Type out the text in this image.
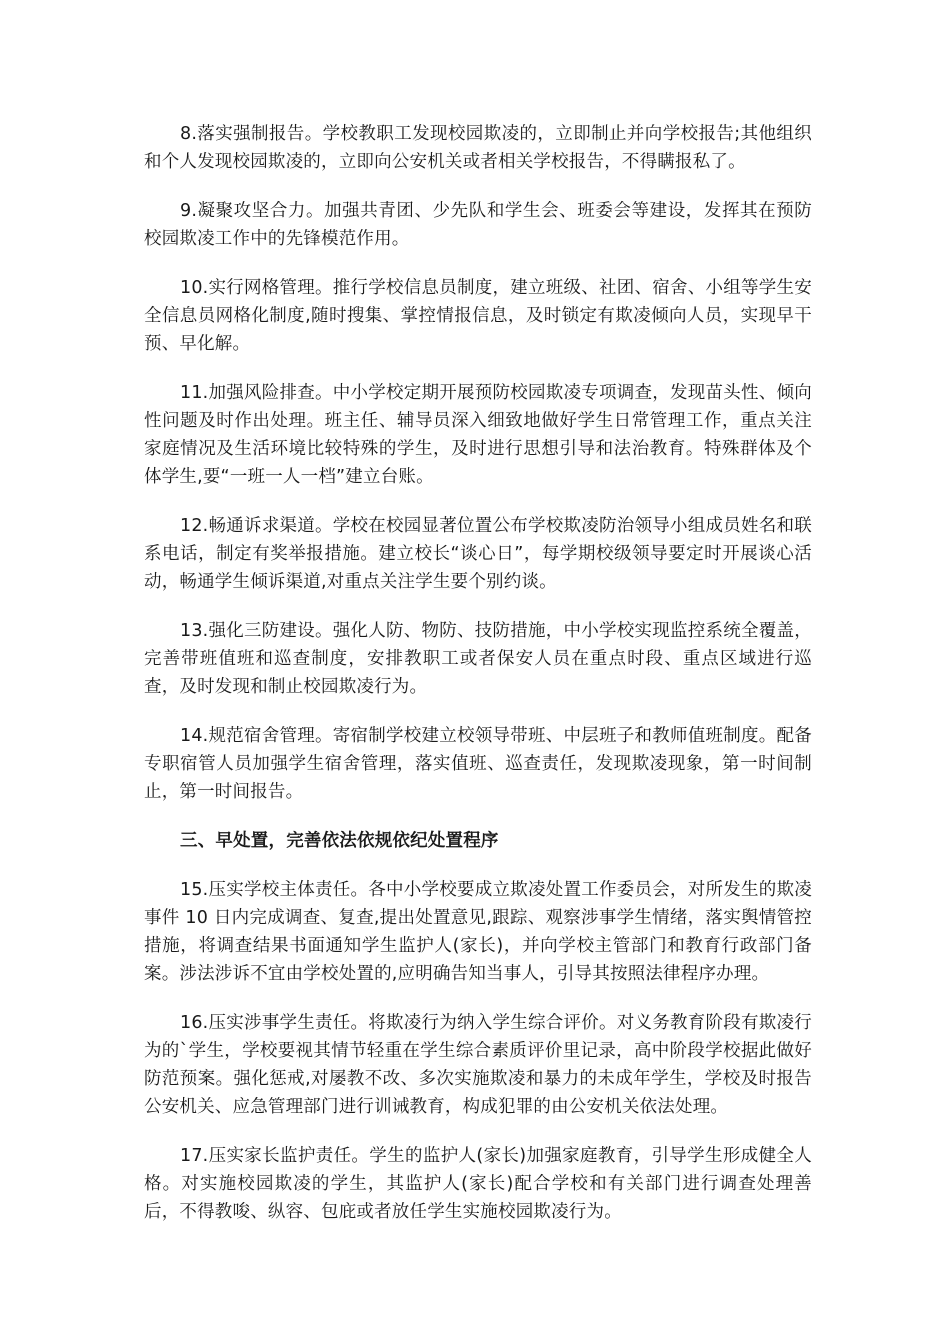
8.落实强制报告。学校教职工发现校园欺凌的，立即制止并向学校报告;其他组织和个人发现校园欺凌的，立即向公安机关或者相关学校报告，不得瞒报私了。

9.凝聚攻坚合力。加强共青团、少先队和学生会、班委会等建设，发挥其在预防校园欺凌工作中的先锋模范作用。

10.实行网格管理。推行学校信息员制度，建立班级、社团、宿舍、小组等学生安全信息员网格化制度,随时搜集、掌控情报信息，及时锁定有欺凌倾向人员，实现早干预、早化解。

11.加强风险排查。中小学校定期开展预防校园欺凌专项调查，发现苗头性、倾向性问题及时作出处理。班主任、辅导员深入细致地做好学生日常管理工作，重点关注家庭情况及生活环境比较特殊的学生，及时进行思想引导和法治教育。特殊群体及个体学生,要“一班一人一档”建立台账。

12.畅通诉求渠道。学校在校园显著位置公布学校欺凌防治领导小组成员姓名和联系电话，制定有奖举报措施。建立校长“谈心日”，每学期校级领导要定时开展谈心活动，畅通学生倾诉渠道,对重点关注学生要个别约谈。

13.强化三防建设。强化人防、物防、技防措施，中小学校实现监控系统全覆盖，完善带班值班和巡查制度，安排教职工或者保安人员在重点时段、重点区域进行巡查，及时发现和制止校园欺凌行为。

14.规范宿舍管理。寄宿制学校建立校领导带班、中层班子和教师值班制度。配备专职宿管人员加强学生宿舍管理，落实值班、巡查责任，发现欺凌现象，第一时间制止，第一时间报告。

三、早处置，完善依法依规依纪处置程序

15.压实学校主体责任。各中小学校要成立欺凌处置工作委员会，对所发生的欺凌事件 10 日内完成调查、复查,提出处置意见,跟踪、观察涉事学生情绪，落实舆情管控措施，将调查结果书面通知学生监护人(家长)，并向学校主管部门和教育行政部门备案。涉法涉诉不宜由学校处置的,应明确告知当事人，引导其按照法律程序办理。

16.压实涉事学生责任。将欺凌行为纳入学生综合评价。对义务教育阶段有欺凌行为的`学生，学校要视其情节轻重在学生综合素质评价里记录，高中阶段学校据此做好防范预案。强化惩戒,对屡教不改、多次实施欺凌和暴力的未成年学生，学校及时报告公安机关、应急管理部门进行训诫教育，构成犯罪的由公安机关依法处理。

17.压实家长监护责任。学生的监护人(家长)加强家庭教育，引导学生形成健全人格。对实施校园欺凌的学生，其监护人(家长)配合学校和有关部门进行调查处理善后，不得教唆、纵容、包庇或者放任学生实施校园欺凌行为。
